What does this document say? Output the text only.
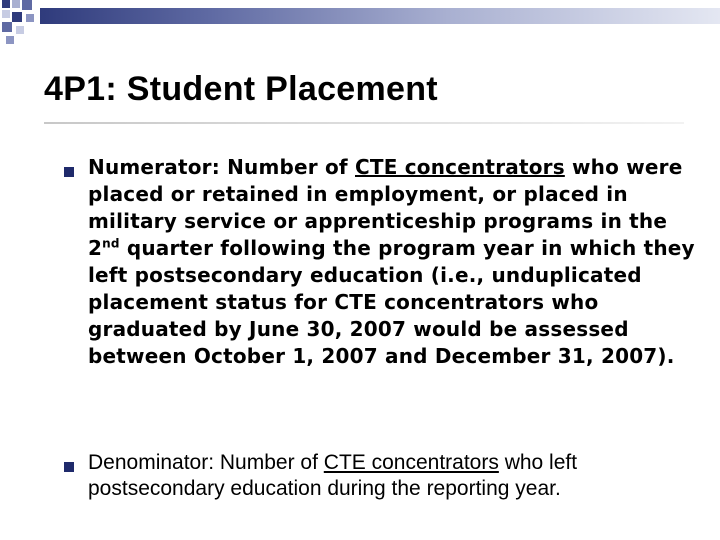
4P1: Student Placement

Numerator: Number of CTE concentrators who were placed or retained in employment, or placed in military service or apprenticeship programs in the 2nd quarter following the program year in which they left postsecondary education (i.e., unduplicated placement status for CTE concentrators who graduated by June 30, 2007 would be assessed between October 1, 2007 and December 31, 2007).

Denominator: Number of CTE concentrators who left postsecondary education during the reporting year.
